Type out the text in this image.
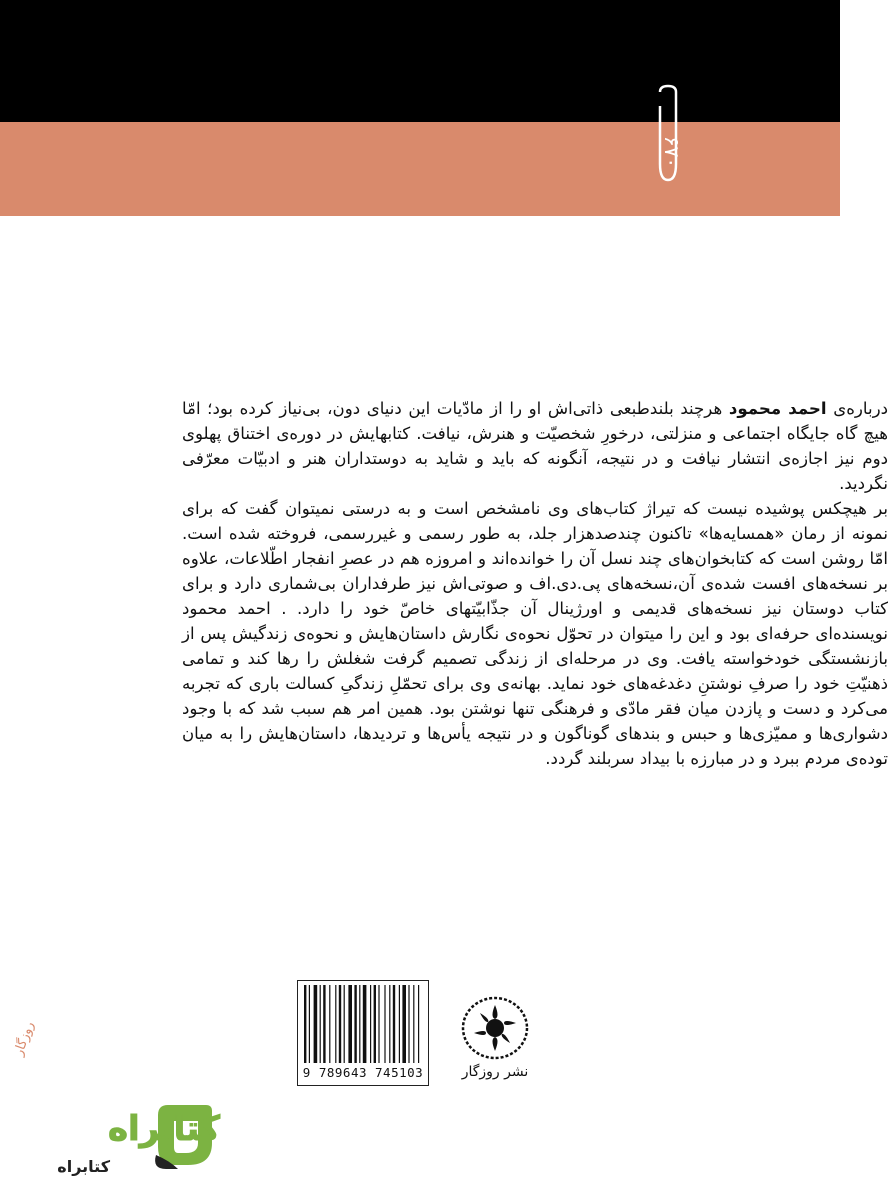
۶۷۰

درباره‌ی احمد محمود هرچند بلندطبعی ذاتی‌اش او را از مادّیات این دنیای دون، بی‌نیاز کرده بود؛ امّا هیچ گاه جایگاه اجتماعی و منزلتی، درخورِ شخصیّت و هنرش، نیافت. کتابهایش در دوره‌ی اختناق پهلوی دوم نیز اجازه‌ی انتشار نیافت و در نتیجه، آنگونه که باید و شاید به دوستداران هنر و ادبیّات معرّفی نگردید.

بر هیچکس پوشیده نیست که تیراژ کتاب‌های وی نامشخص است و به درستی نمیتوان گفت که برای نمونه از رمان «همسایه‌ها» تاکنون چندصدهزار جلد، به طور رسمی و غیررسمی، فروخته شده است. امّا روشن است که کتابخوان‌های چند نسل آن را خوانده‌اند و امروزه هم در عصرِ انفجار اطّلاعات، علاوه بر نسخه‌های افست شده‌ی آن،نسخه‌های پی.دی.اف و صوتی‌اش نیز طرفداران بی‌شماری دارد و برای کتاب دوستان نیز نسخه‌های قدیمی و اورژینال آن جذّابیّتهای خاصّ خود را دارد. . احمد محمود نویسنده‌ای حرفه‌ای بود و این را میتوان در تحوّل نحوه‌ی نگارش داستان‌هایش و نحوه‌ی زندگیش پس از بازنشستگی خودخواسته یافت. وی در مرحله‌ای از زندگی تصمیم گرفت شغلش را رها کند و تمامی ذهنیّتِ خود را صرفِ نوشتنِ دغدغه‌های خود نماید. بهانه‌ی وی برای تحمّلِ زندگیِ کسالت باری که تجربه می‌کرد و دست و پازدن میان فقر مادّی و فرهنگی تنها نوشتن بود. همین امر هم سبب شد که با وجود دشواری‌ها و ممیّزی‌ها و حبس و بندهای گوناگون و در نتیجه یأس‌ها و تردیدها، داستان‌هایش را به میان توده‌ی مردم ببرد و در مبارزه با بیداد سربلند گردد.

9 789643 745103	نشر روزگار
روزگار
کتابراه
کتابراه
